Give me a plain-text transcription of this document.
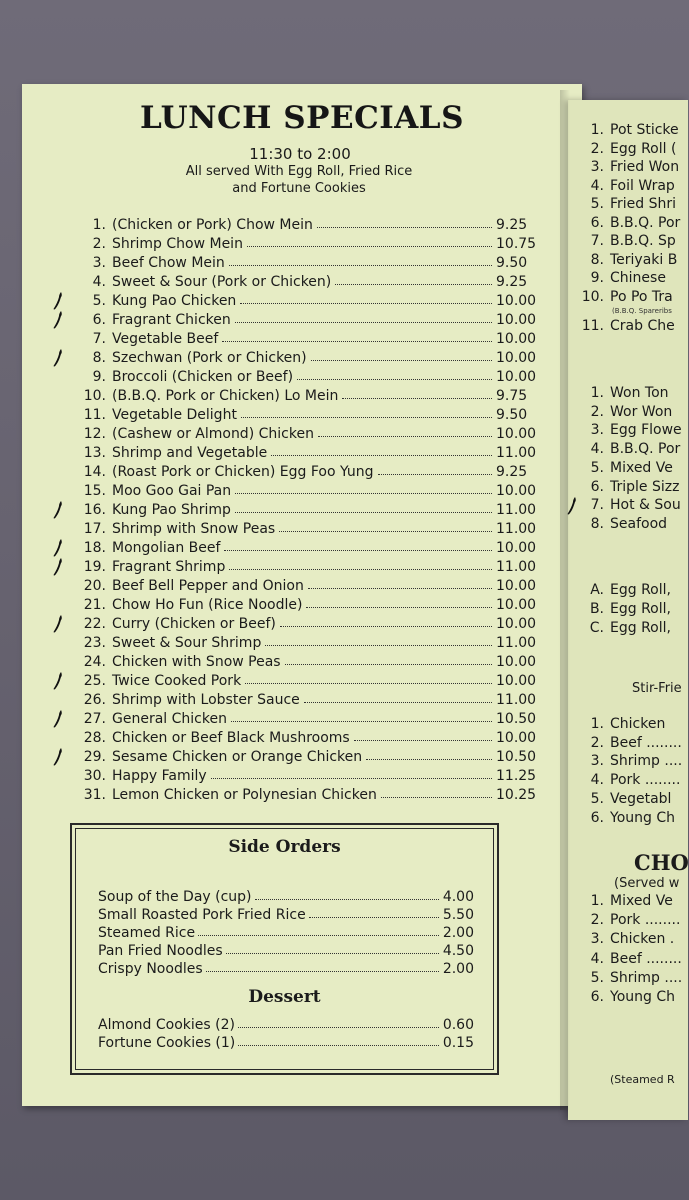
LUNCH SPECIALS
11:30 to 2:00
All served With Egg Roll, Fried Rice
and Fortune Cookies
1. (Chicken or Pork) Chow Mein	9.25
2. Shrimp Chow Mein	10.75
3. Beef Chow Mein	9.50
4. Sweet & Sour (Pork or Chicken)	9.25
5. Kung Pao Chicken	10.00
6. Fragrant Chicken	10.00
7. Vegetable Beef	10.00
8. Szechwan (Pork or Chicken)	10.00
9. Broccoli (Chicken or Beef)	10.00
10. (B.B.Q. Pork or Chicken) Lo Mein	9.75
11. Vegetable Delight	9.50
12. (Cashew or Almond) Chicken	10.00
13. Shrimp and Vegetable	11.00
14. (Roast Pork or Chicken) Egg Foo Yung	9.25
15. Moo Goo Gai Pan	10.00
16. Kung Pao Shrimp	11.00
17. Shrimp with Snow Peas	11.00
18. Mongolian Beef	10.00
19. Fragrant Shrimp	11.00
20. Beef Bell Pepper and Onion	10.00
21. Chow Ho Fun (Rice Noodle)	10.00
22. Curry (Chicken or Beef)	10.00
23. Sweet & Sour Shrimp	11.00
24. Chicken with Snow Peas	10.00
25. Twice Cooked Pork	10.00
26. Shrimp with Lobster Sauce	11.00
27. General Chicken	10.50
28. Chicken or Beef Black Mushrooms	10.00
29. Sesame Chicken or Orange Chicken	10.50
30. Happy Family	11.25
31. Lemon Chicken or Polynesian Chicken	10.25
Side Orders
Soup of the Day (cup)	4.00
Small Roasted Pork Fried Rice	5.50
Steamed Rice	2.00
Pan Fried Noodles	4.50
Crispy Noodles	2.00
Dessert
Almond Cookies (2)	0.60
Fortune Cookies (1)	0.15
1. Pot Sticke
2. Egg Roll (
3. Fried Won
4. Foil Wrap
5. Fried Shri
6. B.B.Q. Por
7. B.B.Q. Sp
8. Teriyaki B
9. Chinese
10. Po Po Tra
11. Crab Che
(B.B.Q. Spareribs
1. Won Ton
2. Wor Won
3. Egg Flowe
4. B.B.Q. Por
5. Mixed Ve
6. Triple Sizz
7. Hot & Sou
8. Seafood
A. Egg Roll,
B. Egg Roll,
C. Egg Roll,
Stir-Frie
1. Chicken
2. Beef ........
3. Shrimp ....
4. Pork ........
5. Vegetabl
6. Young Ch
CHO
(Served w
1. Mixed Ve
2. Pork ........
3. Chicken .
4. Beef ........
5. Shrimp ....
6. Young Ch
(Steamed R
